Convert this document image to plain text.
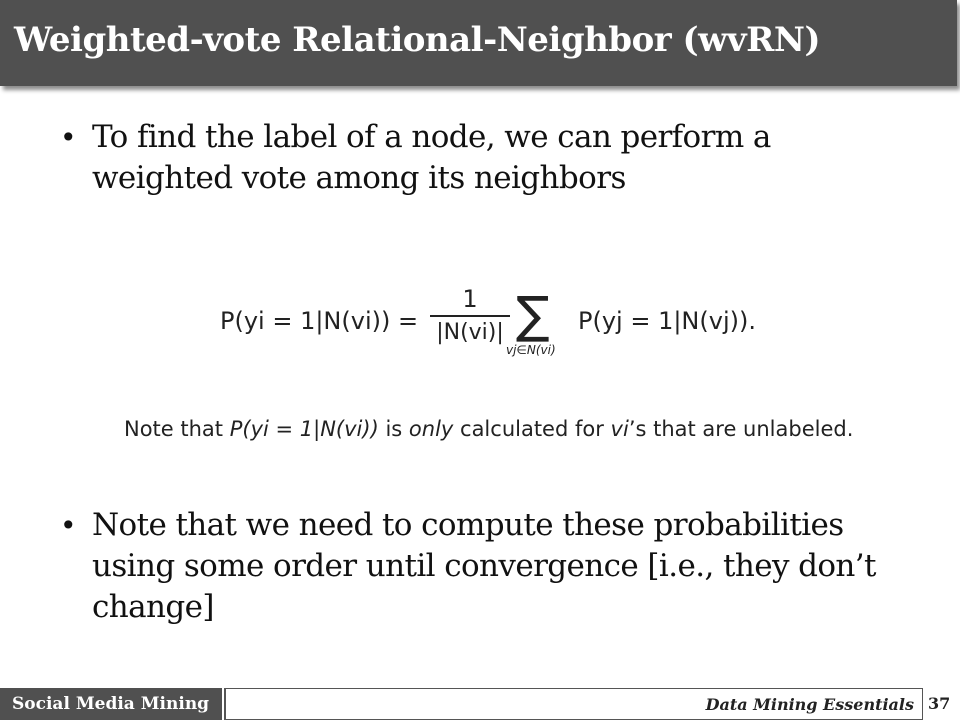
Weighted-vote Relational-Neighbor (wvRN)
• To find the label of a node, we can perform a weighted vote among its neighbors
P(yi = 1|N(vi)) =
1
|N(vi)| ∑
vj∈N(vi)
P(yj = 1|N(vj)).
Note that P(yi = 1|N(vi)) is only calculated for vi’s that are unlabeled.
• Note that we need to compute these probabilities using some order until convergence [i.e., they don’t change]
Social Media Mining	Data Mining Essentials 37
